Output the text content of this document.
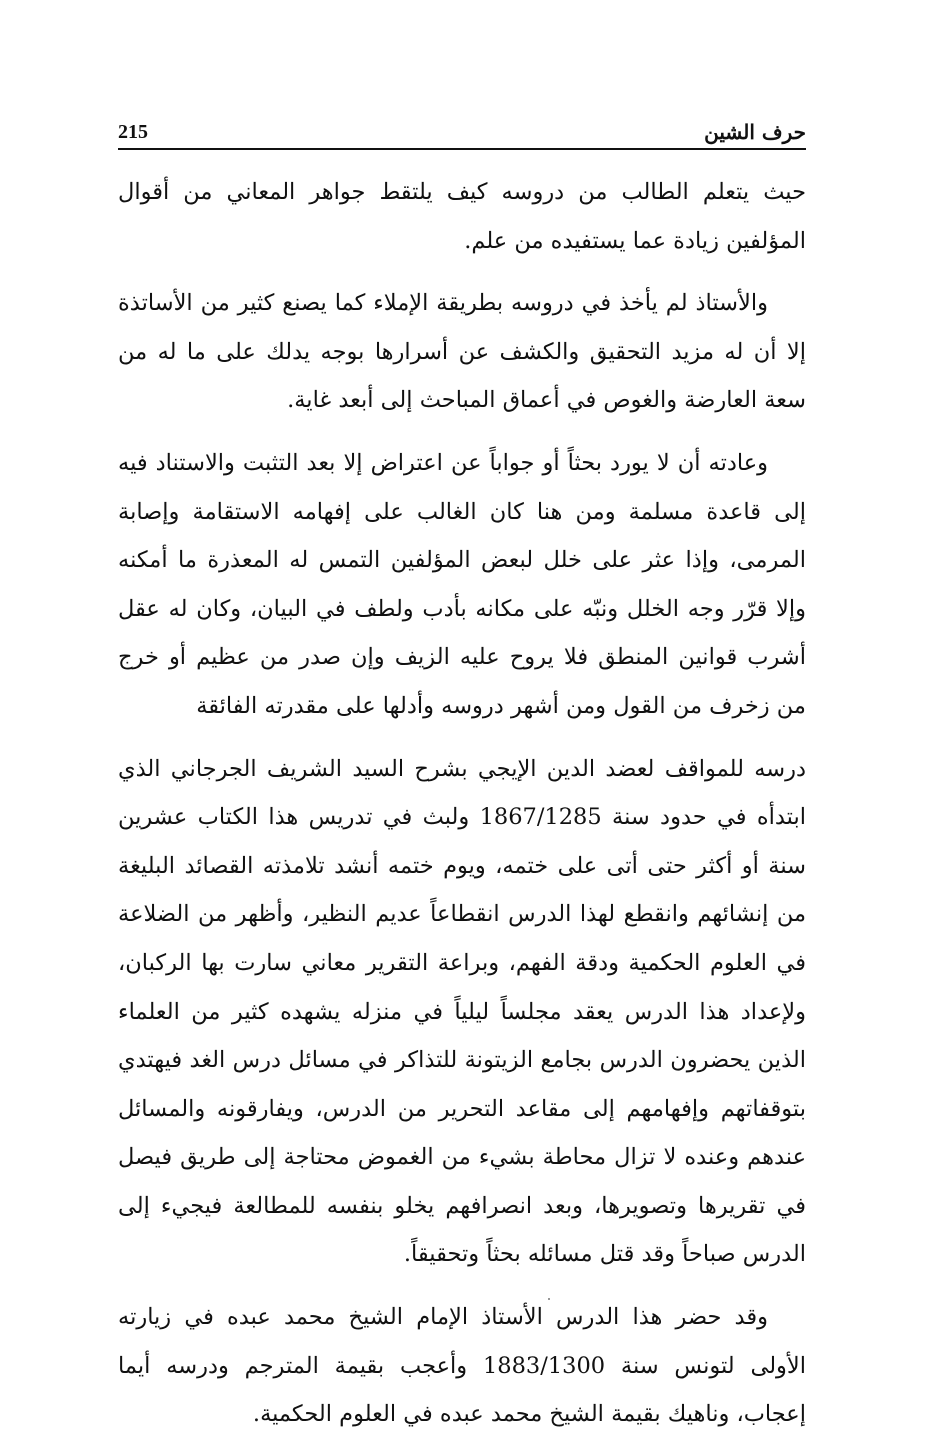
215	حرف الشين

حيث يتعلم الطالب من دروسه كيف يلتقط جواهر المعاني من أقوال المؤلفين زيادة عما يستفيده من علم.

والأستاذ لم يأخذ في دروسه بطريقة الإملاء كما يصنع كثير من الأساتذة إلا أن له مزيد التحقيق والكشف عن أسرارها بوجه يدلك على ما له من سعة العارضة والغوص في أعماق المباحث إلى أبعد غاية.

وعادته أن لا يورد بحثاً أو جواباً عن اعتراض إلا بعد التثبت والاستناد فيه إلى قاعدة مسلمة ومن هنا كان الغالب على إفهامه الاستقامة وإصابة المرمى، وإذا عثر على خلل لبعض المؤلفين التمس له المعذرة ما أمكنه وإلا قرّر وجه الخلل ونبّه على مكانه بأدب ولطف في البيان، وكان له عقل أشرب قوانين المنطق فلا يروح عليه الزيف وإن صدر من عظيم أو خرج من زخرف من القول ومن أشهر دروسه وأدلها على مقدرته الفائقة

درسه للمواقف لعضد الدين الإيجي بشرح السيد الشريف الجرجاني الذي ابتدأه في حدود سنة 1867/1285 ولبث في تدريس هذا الكتاب عشرين سنة أو أكثر حتى أتى على ختمه، ويوم ختمه أنشد تلامذته القصائد البليغة من إنشائهم وانقطع لهذا الدرس انقطاعاً عديم النظير، وأظهر من الضلاعة في العلوم الحكمية ودقة الفهم، وبراعة التقرير معاني سارت بها الركبان، ولإعداد هذا الدرس يعقد مجلساً ليلياً في منزله يشهده كثير من العلماء الذين يحضرون الدرس بجامع الزيتونة للتذاكر في مسائل درس الغد فيهتدي بتوقفاتهم وإفهامهم إلى مقاعد التحرير من الدرس، ويفارقونه والمسائل عندهم وعنده لا تزال محاطة بشيء من الغموض محتاجة إلى طريق فيصل في تقريرها وتصويرها، وبعد انصرافهم يخلو بنفسه للمطالعة فيجيء إلى الدرس صباحاً وقد قتل مسائله بحثاً وتحقيقاً.

وقد حضر هذا الدرس الأستاذ الإمام الشيخ محمد عبده في زيارته الأولى لتونس سنة 1883/1300 وأعجب بقيمة المترجم ودرسه أيما إعجاب، وناهيك بقيمة الشيخ محمد عبده في العلوم الحكمية.
